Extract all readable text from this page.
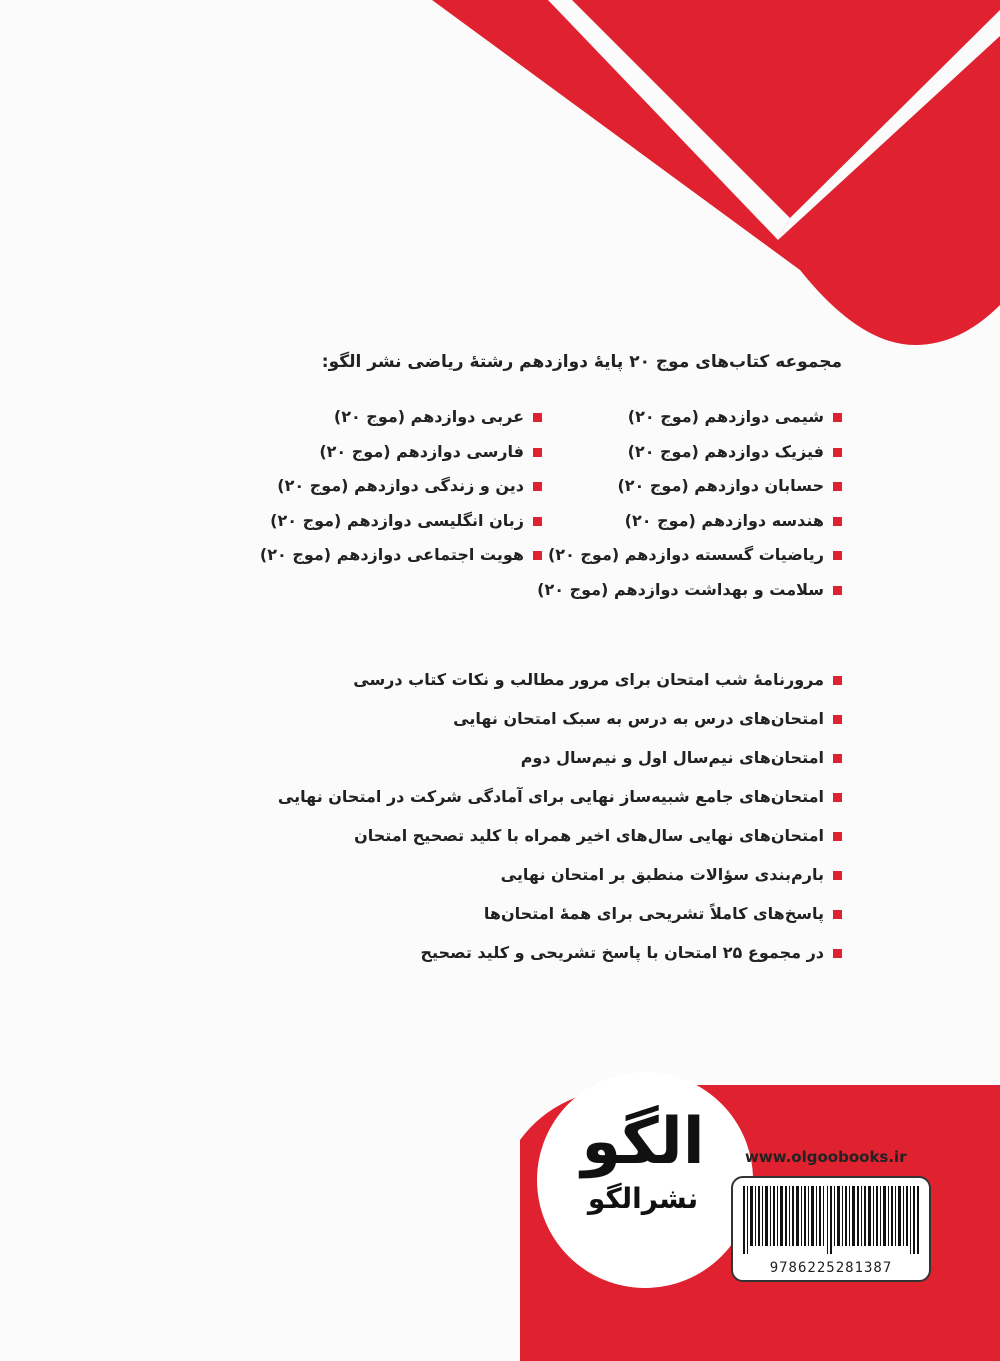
مجموعه کتاب‌های موج ۲۰ پایهٔ دوازدهم رشتهٔ ریاضی نشر الگو:
شیمی دوازدهم (موج ۲۰)
فیزیک دوازدهم (موج ۲۰)
حسابان دوازدهم (موج ۲۰)
هندسه دوازدهم (موج ۲۰)
ریاضیات گسسته دوازدهم (موج ۲۰)
سلامت و بهداشت دوازدهم (موج ۲۰)
عربی دوازدهم (موج ۲۰)
فارسی دوازدهم (موج ۲۰)
دین و زندگی دوازدهم (موج ۲۰)
زبان انگلیسی دوازدهم (موج ۲۰)
هویت اجتماعی دوازدهم (موج ۲۰)
مرورنامهٔ شب امتحان برای مرور مطالب و نکات کتاب درسی
امتحان‌های درس به درس به سبک امتحان نهایی
امتحان‌های نیم‌سال اول و نیم‌سال دوم
امتحان‌های جامع شبیه‌ساز نهایی برای آمادگی شرکت در امتحان نهایی
امتحان‌های نهایی سال‌های اخیر همراه با کلید تصحیح امتحان
بارم‌بندی سؤالات منطبق بر امتحان نهایی
پاسخ‌های کاملاً تشریحی برای همهٔ امتحان‌ها
در مجموع ۲۵ امتحان با پاسخ تشریحی و کلید تصحیح
الگو
نشرالگو
www.olgoobooks.ir
9786225281387
